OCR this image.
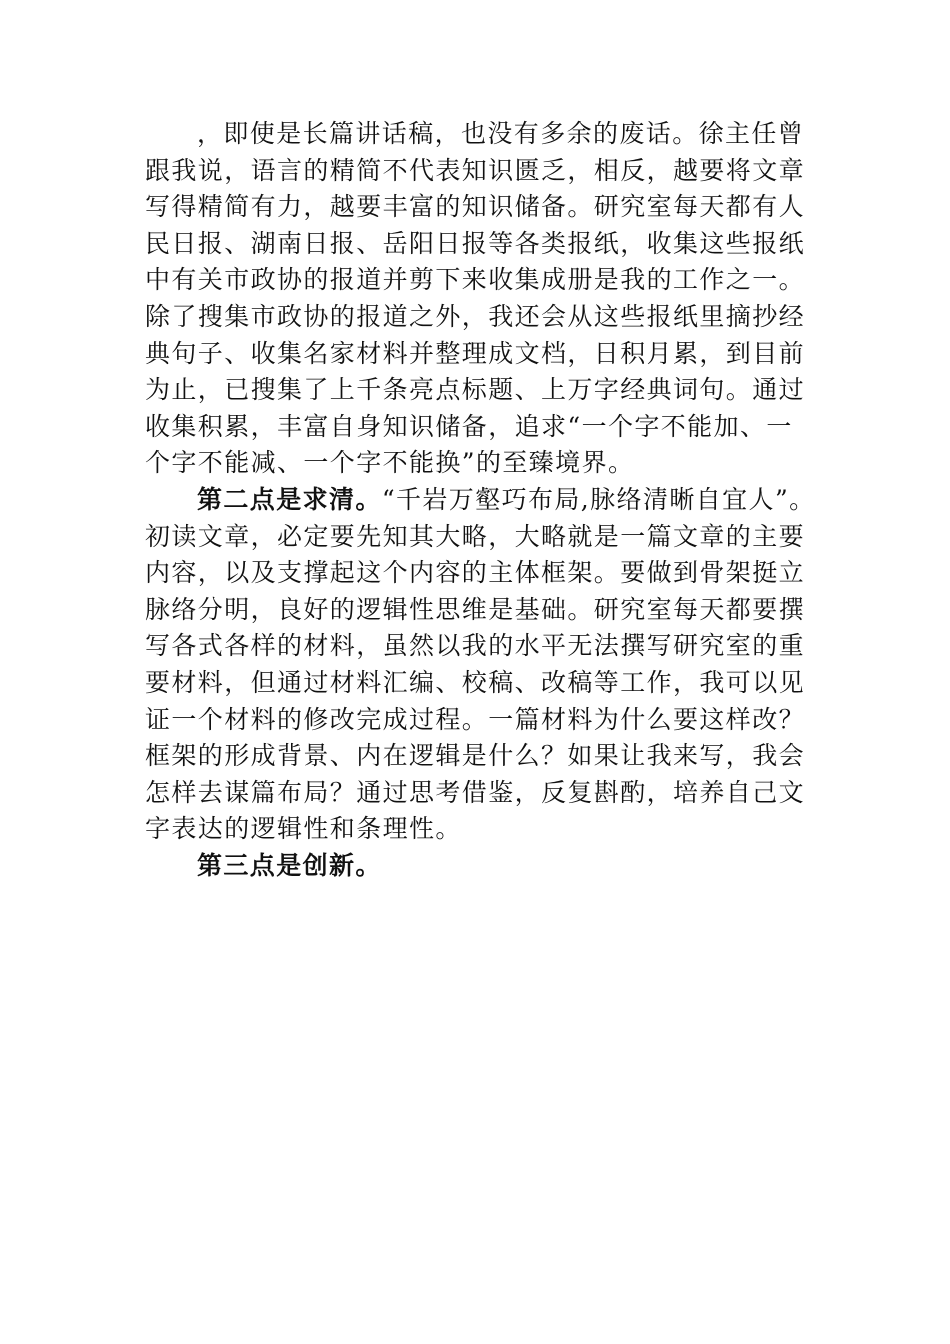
，即使是长篇讲话稿，也没有多余的废话。徐主任曾
跟我说，语言的精简不代表知识匮乏，相反，越要将文章
写得精简有力，越要丰富的知识储备。研究室每天都有人
民日报、湖南日报、岳阳日报等各类报纸，收集这些报纸
中有关市政协的报道并剪下来收集成册是我的工作之一。
除了搜集市政协的报道之外，我还会从这些报纸里摘抄经
典句子、收集名家材料并整理成文档，日积月累，到目前
为止，已搜集了上千条亮点标题、上万字经典词句。通过
收集积累，丰富自身知识储备，追求“一个字不能加、一
个字不能减、一个字不能换”的至臻境界。
第二点是求清。“千岩万壑巧布局,脉络清晰自宜人”。
初读文章，必定要先知其大略，大略就是一篇文章的主要
内容，以及支撑起这个内容的主体框架。要做到骨架挺立
脉络分明，良好的逻辑性思维是基础。研究室每天都要撰
写各式各样的材料，虽然以我的水平无法撰写研究室的重
要材料，但通过材料汇编、校稿、改稿等工作，我可以见
证一个材料的修改完成过程。一篇材料为什么要这样改？
框架的形成背景、内在逻辑是什么？如果让我来写，我会
怎样去谋篇布局？通过思考借鉴，反复斟酌，培养自己文
字表达的逻辑性和条理性。
第三点是创新。
